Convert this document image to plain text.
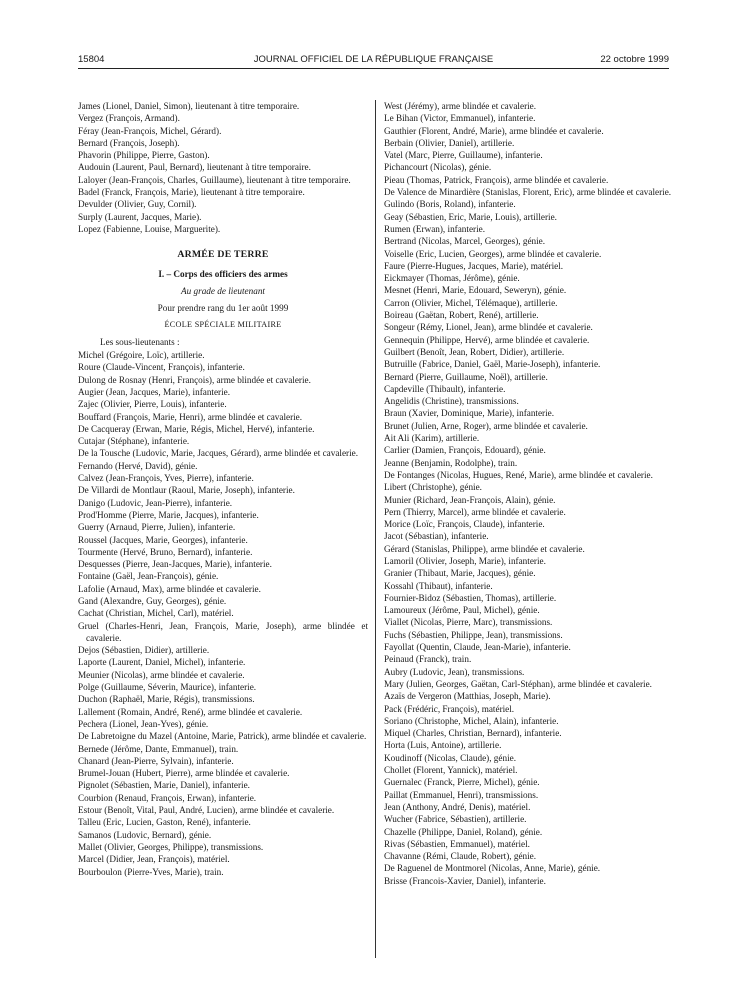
15804	JOURNAL OFFICIEL DE LA RÉPUBLIQUE FRANÇAISE	22 octobre 1999

James (Lionel, Daniel, Simon), lieutenant à titre temporaire.

Vergez (François, Armand).

Féray (Jean-François, Michel, Gérard).

Bernard (François, Joseph).

Phavorin (Philippe, Pierre, Gaston).

Audouin (Laurent, Paul, Bernard), lieutenant à titre temporaire.

Laloyer (Jean-François, Charles, Guillaume), lieutenant à titre temporaire.

Badel (Franck, François, Marie), lieutenant à titre temporaire.

Devulder (Olivier, Guy, Cornil).

Surply (Laurent, Jacques, Marie).

Lopez (Fabienne, Louise, Marguerite).

ARMÉE DE TERRE
I. – Corps des officiers des armes
Au grade de lieutenant
Pour prendre rang du 1er août 1999
ÉCOLE SPÉCIALE MILITAIRE
Les sous-lieutenants :

Michel (Grégoire, Loïc), artillerie.

Roure (Claude-Vincent, François), infanterie.

Dulong de Rosnay (Henri, François), arme blindée et cavalerie.

Augier (Jean, Jacques, Marie), infanterie.

Zajec (Olivier, Pierre, Louis), infanterie.

Bouffard (François, Marie, Henri), arme blindée et cavalerie.

De Cacqueray (Erwan, Marie, Régis, Michel, Hervé), infanterie.

Cutajar (Stéphane), infanterie.

De la Tousche (Ludovic, Marie, Jacques, Gérard), arme blindée et cavalerie.

Fernando (Hervé, David), génie.

Calvez (Jean-François, Yves, Pierre), infanterie.

De Villardi de Montlaur (Raoul, Marie, Joseph), infanterie.

Danigo (Ludovic, Jean-Pierre), infanterie.

Prod'Homme (Pierre, Marie, Jacques), infanterie.

Guerry (Arnaud, Pierre, Julien), infanterie.

Roussel (Jacques, Marie, Georges), infanterie.

Tourmente (Hervé, Bruno, Bernard), infanterie.

Desquesses (Pierre, Jean-Jacques, Marie), infanterie.

Fontaine (Gaël, Jean-François), génie.

Lafolie (Arnaud, Max), arme blindée et cavalerie.

Gand (Alexandre, Guy, Georges), génie.

Cachat (Christian, Michel, Carl), matériel.

Gruel (Charles-Henri, Jean, François, Marie, Joseph), arme blindée et cavalerie.

Dejos (Sébastien, Didier), artillerie.

Laporte (Laurent, Daniel, Michel), infanterie.

Meunier (Nicolas), arme blindée et cavalerie.

Polge (Guillaume, Séverin, Maurice), infanterie.

Duchon (Raphaël, Marie, Régis), transmissions.

Lallement (Romain, André, René), arme blindée et cavalerie.

Pechera (Lionel, Jean-Yves), génie.

De Labretoigne du Mazel (Antoine, Marie, Patrick), arme blindée et cavalerie.

Bernede (Jérôme, Dante, Emmanuel), train.

Chanard (Jean-Pierre, Sylvain), infanterie.

Brumel-Jouan (Hubert, Pierre), arme blindée et cavalerie.

Pignolet (Sébastien, Marie, Daniel), infanterie.

Courbion (Renaud, François, Erwan), infanterie.

Estour (Benoît, Vital, Paul, André, Lucien), arme blindée et cavalerie.

Talleu (Eric, Lucien, Gaston, René), infanterie.

Samanos (Ludovic, Bernard), génie.

Mallet (Olivier, Georges, Philippe), transmissions.

Marcel (Didier, Jean, François), matériel.

Bourboulon (Pierre-Yves, Marie), train.

West (Jérémy), arme blindée et cavalerie.

Le Bihan (Victor, Emmanuel), infanterie.

Gauthier (Florent, André, Marie), arme blindée et cavalerie.

Berbain (Olivier, Daniel), artillerie.

Vatel (Marc, Pierre, Guillaume), infanterie.

Pichancourt (Nicolas), génie.

Pieau (Thomas, Patrick, François), arme blindée et cavalerie.

De Valence de Minardière (Stanislas, Florent, Eric), arme blindée et cavalerie.

Gulindo (Boris, Roland), infanterie.

Geay (Sébastien, Eric, Marie, Louis), artillerie.

Rumen (Erwan), infanterie.

Bertrand (Nicolas, Marcel, Georges), génie.

Voiselle (Eric, Lucien, Georges), arme blindée et cavalerie.

Faure (Pierre-Hugues, Jacques, Marie), matériel.

Eickmayer (Thomas, Jérôme), génie.

Mesnet (Henri, Marie, Edouard, Seweryn), génie.

Carron (Olivier, Michel, Télémaque), artillerie.

Boireau (Gaëtan, Robert, René), artillerie.

Songeur (Rémy, Lionel, Jean), arme blindée et cavalerie.

Gennequin (Philippe, Hervé), arme blindée et cavalerie.

Guilbert (Benoît, Jean, Robert, Didier), artillerie.

Butruille (Fabrice, Daniel, Gaël, Marie-Joseph), infanterie.

Bernard (Pierre, Guillaume, Noël), artillerie.

Capdeville (Thibault), infanterie.

Angelidis (Christine), transmissions.

Braun (Xavier, Dominique, Marie), infanterie.

Brunet (Julien, Arne, Roger), arme blindée et cavalerie.

Ait Ali (Karim), artillerie.

Carlier (Damien, François, Edouard), génie.

Jeanne (Benjamin, Rodolphe), train.

De Fontanges (Nicolas, Hugues, René, Marie), arme blindée et cavalerie.

Libert (Christophe), génie.

Munier (Richard, Jean-François, Alain), génie.

Pern (Thierry, Marcel), arme blindée et cavalerie.

Morice (Loïc, François, Claude), infanterie.

Jacot (Sébastian), infanterie.

Gérard (Stanislas, Philippe), arme blindée et cavalerie.

Lamoril (Olivier, Joseph, Marie), infanterie.

Granier (Thibaut, Marie, Jacques), génie.

Kossahl (Thibaut), infanterie.

Fournier-Bidoz (Sébastien, Thomas), artillerie.

Lamoureux (Jérôme, Paul, Michel), génie.

Viallet (Nicolas, Pierre, Marc), transmissions.

Fuchs (Sébastien, Philippe, Jean), transmissions.

Fayollat (Quentin, Claude, Jean-Marie), infanterie.

Peinaud (Franck), train.

Aubry (Ludovic, Jean), transmissions.

Mary (Julien, Georges, Gaëtan, Carl-Stéphan), arme blindée et cavalerie.

Azaïs de Vergeron (Matthias, Joseph, Marie).

Pack (Frédéric, François), matériel.

Soriano (Christophe, Michel, Alain), infanterie.

Miquel (Charles, Christian, Bernard), infanterie.

Horta (Luis, Antoine), artillerie.

Koudinoff (Nicolas, Claude), génie.

Chollet (Florent, Yannick), matériel.

Guernalec (Franck, Pierre, Michel), génie.

Paillat (Emmanuel, Henri), transmissions.

Jean (Anthony, André, Denis), matériel.

Wucher (Fabrice, Sébastien), artillerie.

Chazelle (Philippe, Daniel, Roland), génie.

Rivas (Sébastien, Emmanuel), matériel.

Chavanne (Rémi, Claude, Robert), génie.

De Raguenel de Montmorel (Nicolas, Anne, Marie), génie.

Brisse (Francois-Xavier, Daniel), infanterie.
